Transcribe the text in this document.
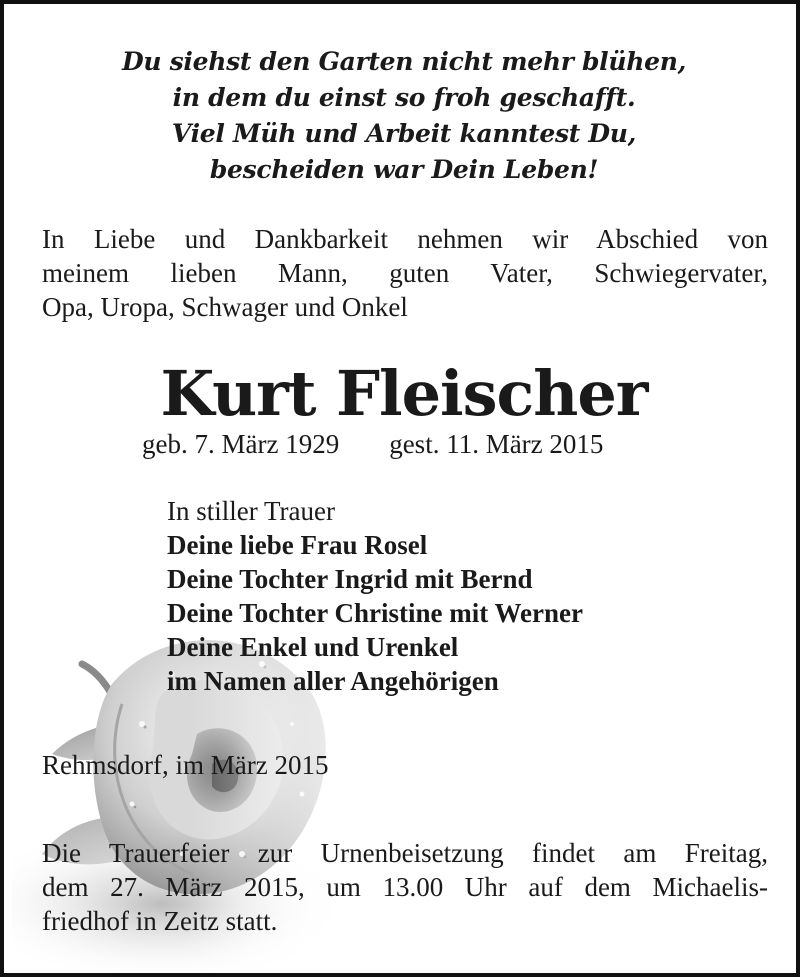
Du siehst den Garten nicht mehr blühen,
in dem du einst so froh geschafft.
Viel Müh und Arbeit kanntest Du,
bescheiden war Dein Leben!
In Liebe und Dankbarkeit nehmen wir Abschied von
meinem lieben Mann, guten Vater, Schwiegervater,
Opa, Uropa, Schwager und Onkel
Kurt Fleischer
geb. 7. März 1929 gest. 11. März 2015
In stiller Trauer
Deine liebe Frau Rosel
Deine Tochter Ingrid mit Bernd
Deine Tochter Christine mit Werner
Deine Enkel und Urenkel
im Namen aller Angehörigen
Rehmsdorf, im März 2015
Die Trauerfeier zur Urnenbeisetzung findet am Freitag,
dem 27. März 2015, um 13.00 Uhr auf dem Michaelis-
friedhof in Zeitz statt.
